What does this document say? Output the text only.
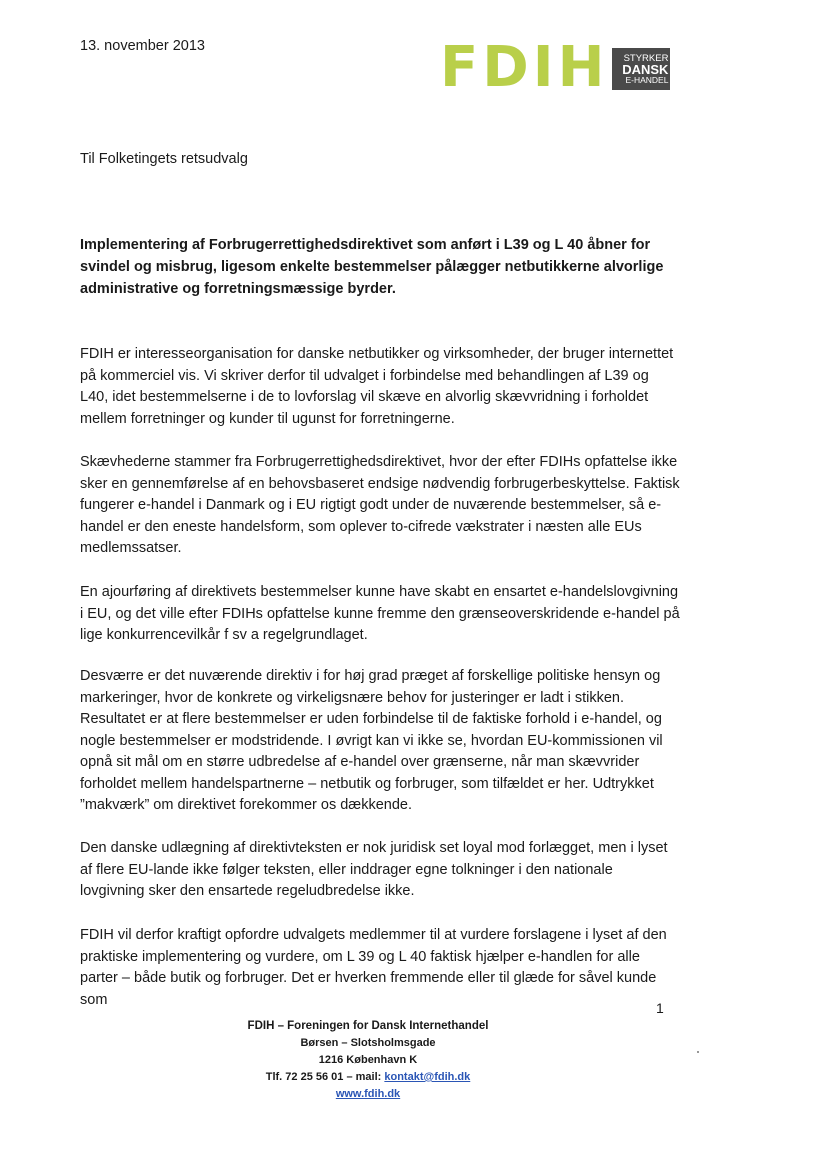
13. november 2013	FDIH STYRKER
DANSK
E-HANDEL
Til Folketingets retsudvalg
Implementering af Forbrugerrettighedsdirektivet som anført i L39 og L 40 åbner for svindel og misbrug, ligesom enkelte bestemmelser pålægger netbutikkerne alvorlige administrative og forretningsmæssige byrder.

FDIH er interesseorganisation for danske netbutikker og virksomheder, der bruger internettet på kommerciel vis. Vi skriver derfor til udvalget i forbindelse med behandlingen af L39 og L40, idet bestemmelserne i de to lovforslag vil skæve en alvorlig skævvridning i forholdet mellem forretninger og kunder til ugunst for forretningerne.

Skævhederne stammer fra Forbrugerrettighedsdirektivet, hvor der efter FDIHs opfattelse ikke sker en gennemførelse af en behovsbaseret endsige nødvendig forbrugerbeskyttelse. Faktisk fungerer e-handel i Danmark og i EU rigtigt godt under de nuværende bestemmelser, så e-handel er den eneste handelsform, som oplever to-cifrede vækstrater i næsten alle EUs medlemssatser.

En ajourføring af direktivets bestemmelser kunne have skabt en ensartet e-handelslovgivning i EU, og det ville efter FDIHs opfattelse kunne fremme den grænseoverskridende e-handel på lige konkurrencevilkår f sv a regelgrundlaget.

Desværre er det nuværende direktiv i for høj grad præget af forskellige politiske hensyn og markeringer, hvor de konkrete og virkeligsnære behov for justeringer er ladt i stikken. Resultatet er at flere bestemmelser er uden forbindelse til de faktiske forhold i e-handel, og nogle bestemmelser er modstridende. I øvrigt kan vi ikke se, hvordan EU-kommissionen vil opnå sit mål om en større udbredelse af e-handel over grænserne, når man skævvrider forholdet mellem handelspartnerne – netbutik og forbruger, som tilfældet er her. Udtrykket ”makværk” om direktivet forekommer os dækkende.

Den danske udlægning af direktivteksten er nok juridisk set loyal mod forlægget, men i lyset af flere EU-lande ikke følger teksten, eller inddrager egne tolkninger i den nationale lovgivning sker den ensartede regeludbredelse ikke.

FDIH vil derfor kraftigt opfordre udvalgets medlemmer til at vurdere forslagene i lyset af den praktiske implementering og vurdere, om L 39 og L 40 faktisk hjælper e-handlen for alle parter – både butik og forbruger. Det er hverken fremmende eller til glæde for såvel kunde som

1
FDIH – Foreningen for Dansk Internethandel
Børsen – Slotsholmsgade
1216 København K
Tlf. 72 25 56 01 – mail: kontakt@fdih.dk
www.fdih.dk
